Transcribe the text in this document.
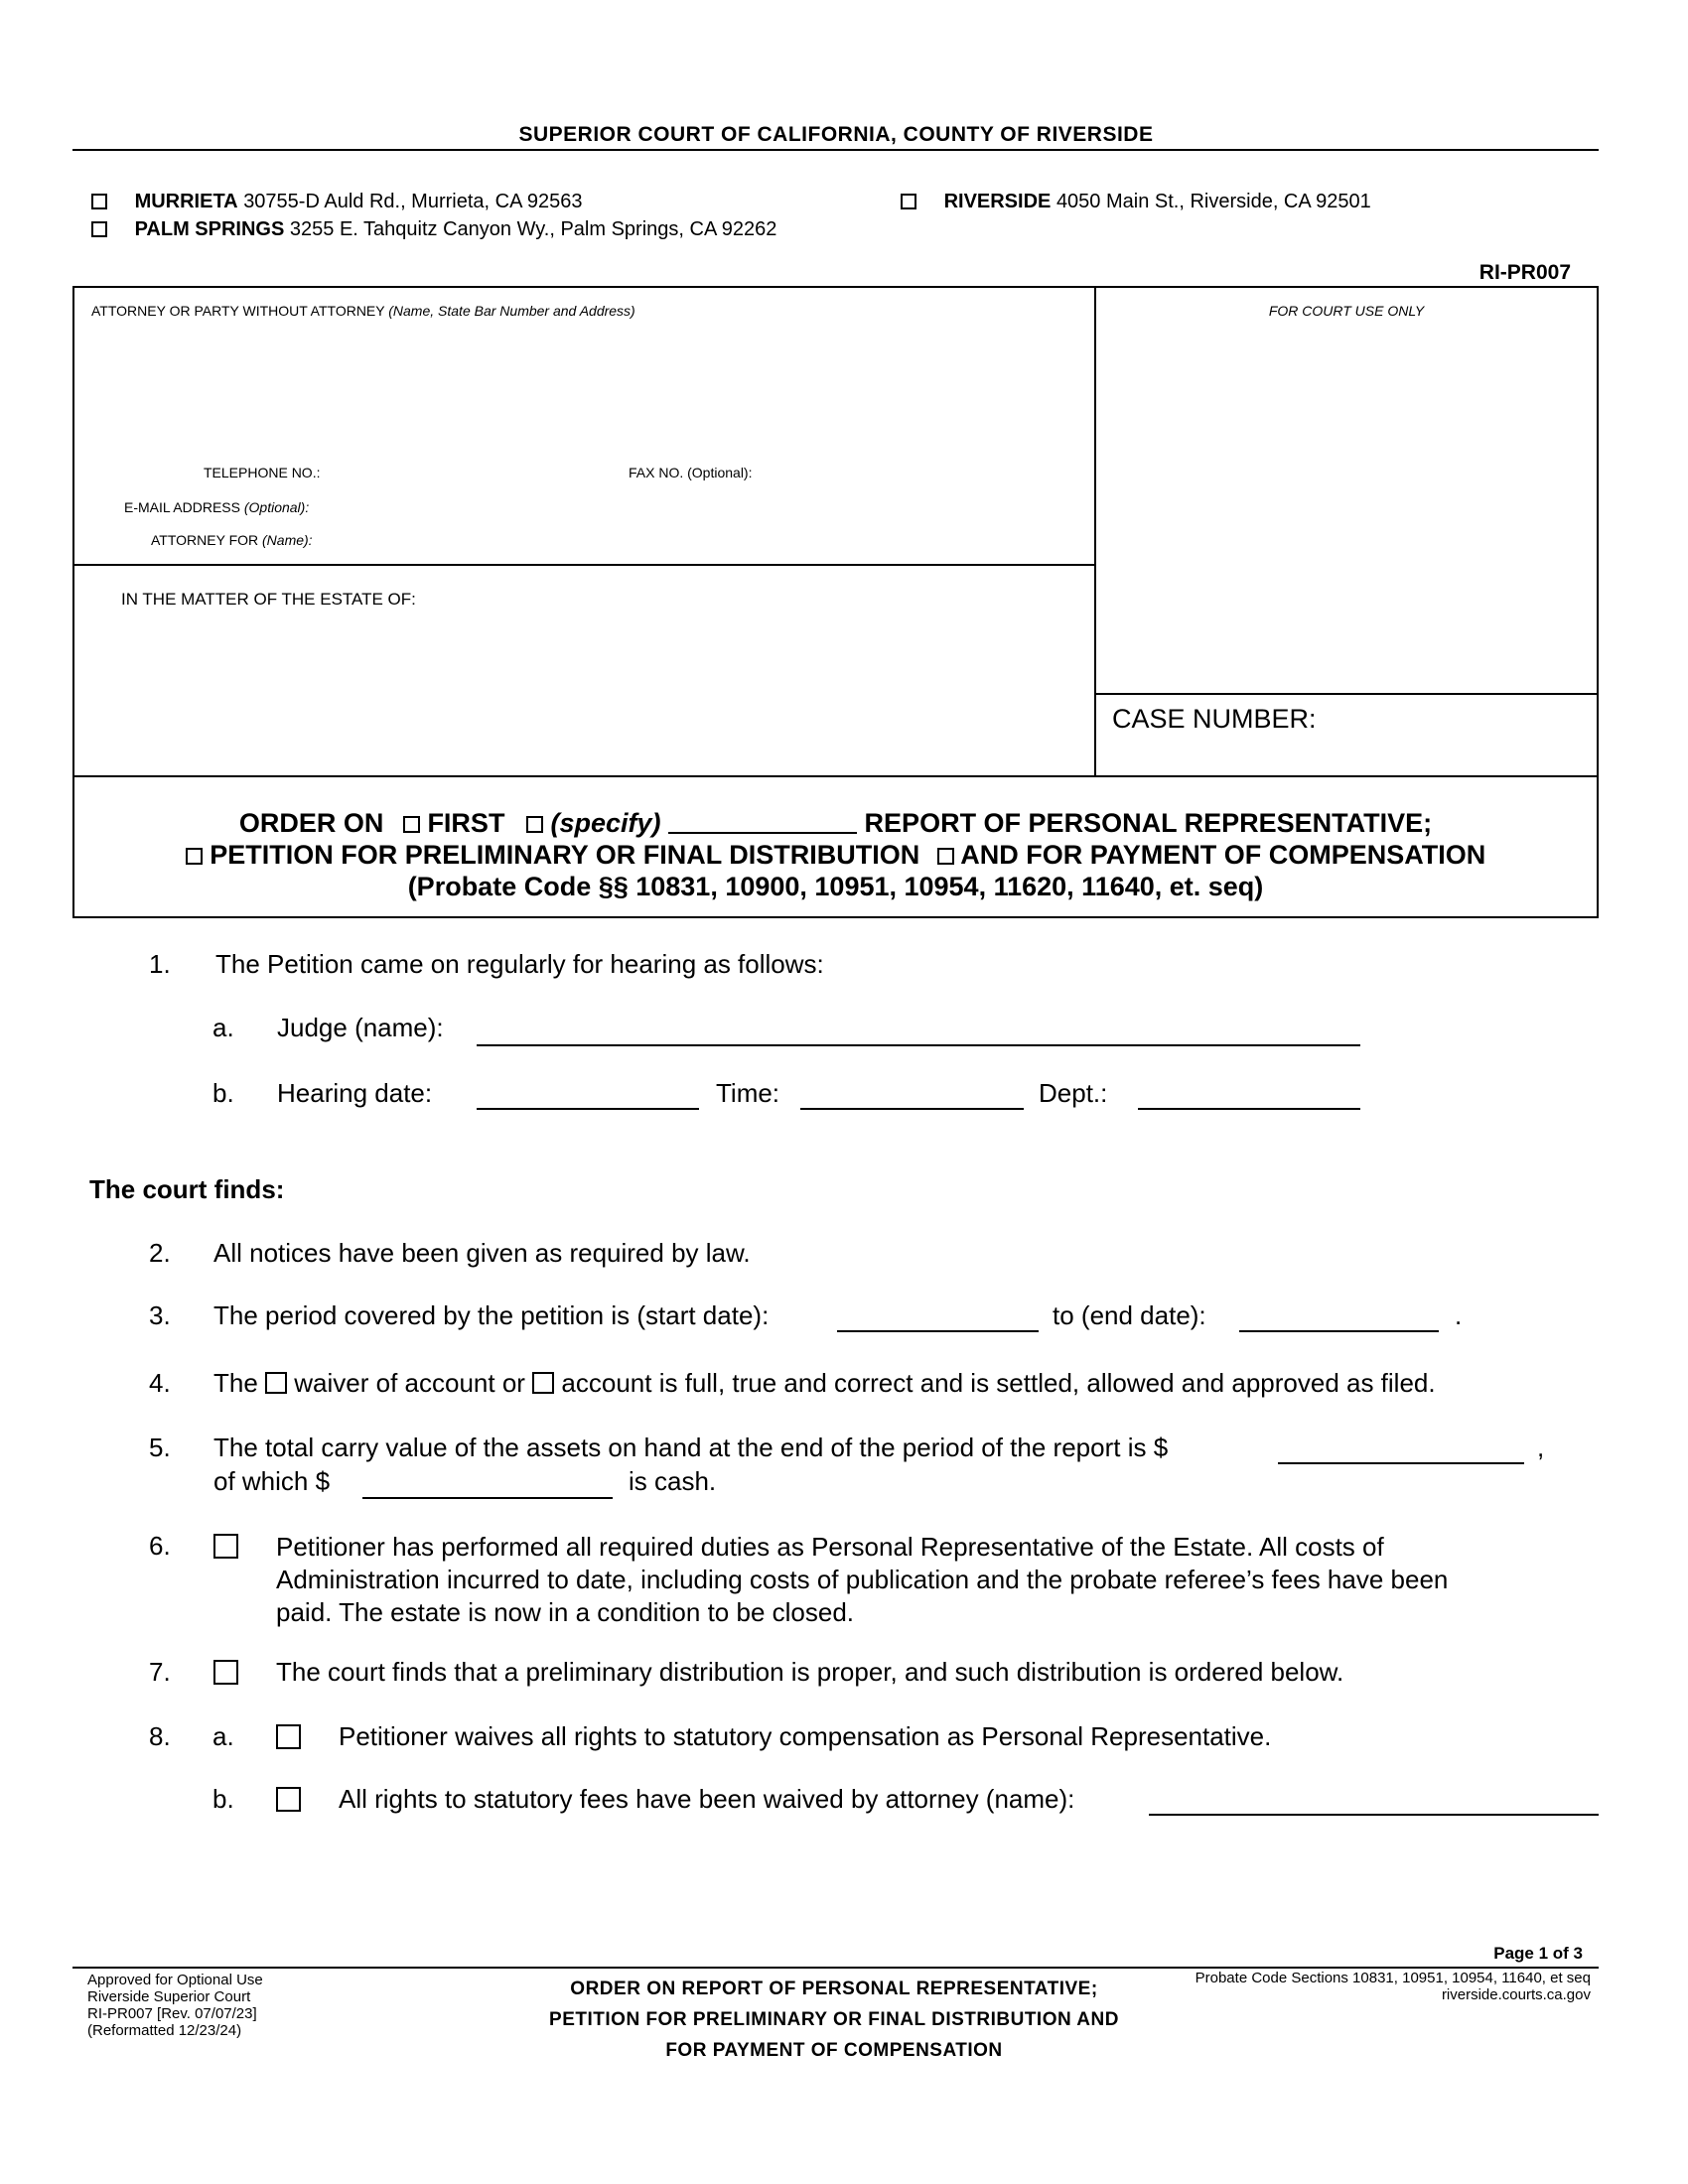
SUPERIOR COURT OF CALIFORNIA, COUNTY OF RIVERSIDE
MURRIETA 30755-D Auld Rd., Murrieta, CA 92563
PALM SPRINGS 3255 E. Tahquitz Canyon Wy., Palm Springs, CA 92262
RIVERSIDE 4050 Main St., Riverside, CA 92501
RI-PR007
ATTORNEY OR PARTY WITHOUT ATTORNEY (Name, State Bar Number and Address)	FOR COURT USE ONLY
TELEPHONE NO.:	FAX NO. (Optional):
E-MAIL ADDRESS (Optional):
ATTORNEY FOR (Name):
IN THE MATTER OF THE ESTATE OF:
CASE NUMBER:
ORDER ON FIRST (specify)	REPORT OF PERSONAL REPRESENTATIVE;
PETITION FOR PRELIMINARY OR FINAL DISTRIBUTION AND FOR PAYMENT OF COMPENSATION
(Probate Code §§ 10831, 10900, 10951, 10954, 11620, 11640, et. seq)
1. The Petition came on regularly for hearing as follows:
a. Judge (name):
b. Hearing date:	Time:	Dept.:
The court finds:
2. All notices have been given as required by law.
3. The period covered by the petition is (start date):	to (end date):	.
4. The waiver of account or account is full, true and correct and is settled, allowed and approved as filed.
5. The total carry value of the assets on hand at the end of the period of the report is $	,
of which $	is cash.
6.	Petitioner has performed all required duties as Personal Representative of the Estate. All costs of
Administration incurred to date, including costs of publication and the probate referee’s fees have been
paid. The estate is now in a condition to be closed.
7.	The court finds that a preliminary distribution is proper, and such distribution is ordered below.
8. a.	Petitioner waives all rights to statutory compensation as Personal Representative.
b.	All rights to statutory fees have been waived by attorney (name):
Page 1 of 3
Approved for Optional Use
Riverside Superior Court
RI-PR007 [Rev. 07/07/23]
(Reformatted 12/23/24)
ORDER ON REPORT OF PERSONAL REPRESENTATIVE;
PETITION FOR PRELIMINARY OR FINAL DISTRIBUTION AND
FOR PAYMENT OF COMPENSATION
Probate Code Sections 10831, 10951, 10954, 11640, et seq
riverside.courts.ca.gov
